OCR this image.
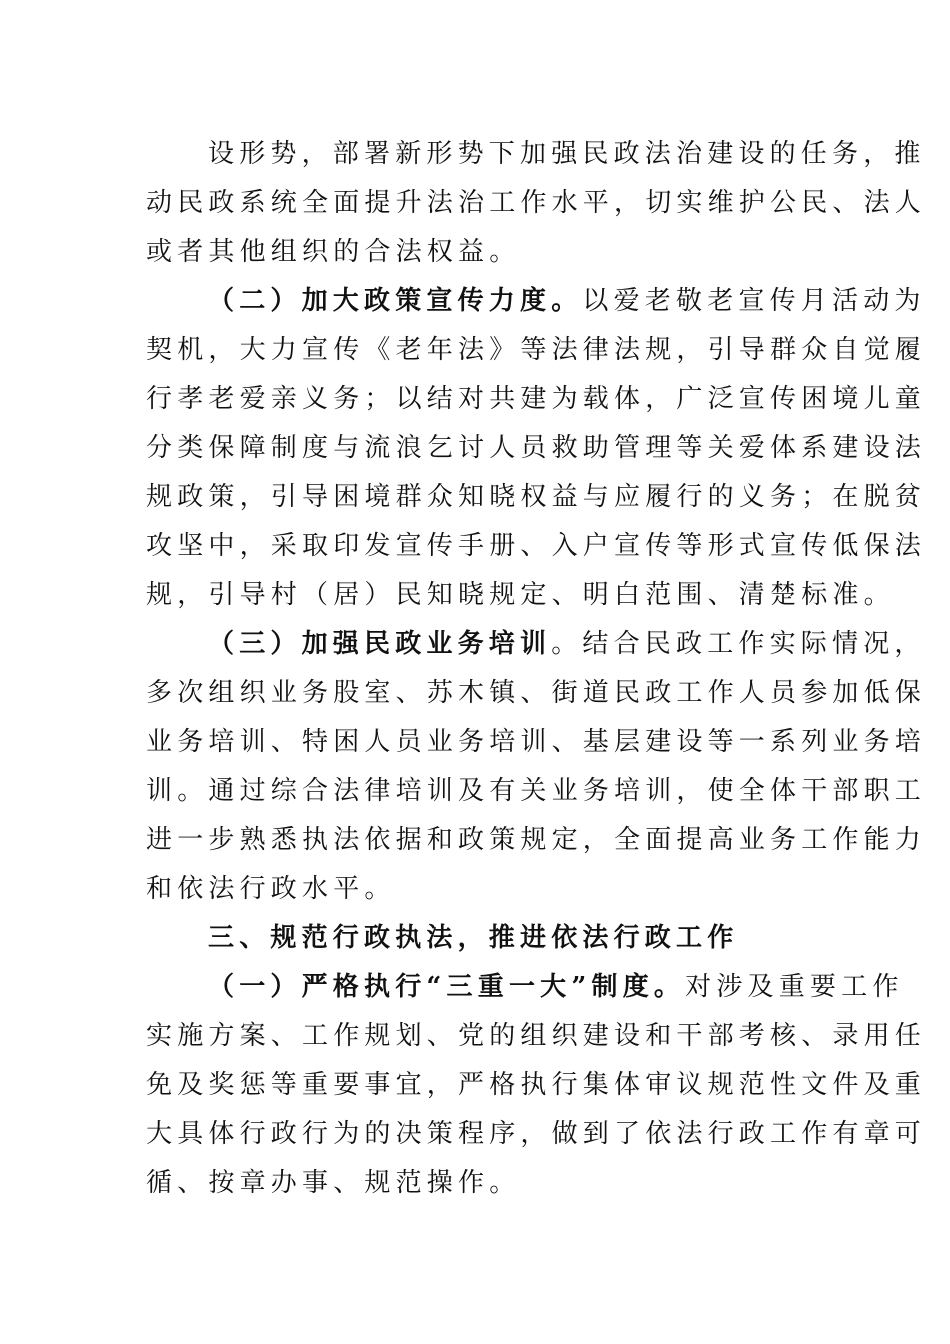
设形势，部署新形势下加强民政法治建设的任务，推
动民政系统全面提升法治工作水平，切实维护公民、法人
或者其他组织的合法权益。
（二）加大政策宣传力度。以爱老敬老宣传月活动为
契机，大力宣传《老年法》等法律法规，引导群众自觉履
行孝老爱亲义务；以结对共建为载体，广泛宣传困境儿童
分类保障制度与流浪乞讨人员救助管理等关爱体系建设法
规政策，引导困境群众知晓权益与应履行的义务；在脱贫
攻坚中，采取印发宣传手册、入户宣传等形式宣传低保法
规，引导村（居）民知晓规定、明白范围、清楚标准。
（三）加强民政业务培训。结合民政工作实际情况，
多次组织业务股室、苏木镇、街道民政工作人员参加低保
业务培训、特困人员业务培训、基层建设等一系列业务培
训。通过综合法律培训及有关业务培训，使全体干部职工
进一步熟悉执法依据和政策规定，全面提高业务工作能力
和依法行政水平。
三、规范行政执法，推进依法行政工作
（一）严格执行“三重一大”制度。对涉及重要工作
实施方案、工作规划、党的组织建设和干部考核、录用任
免及奖惩等重要事宜，严格执行集体审议规范性文件及重
大具体行政行为的决策程序，做到了依法行政工作有章可
循、按章办事、规范操作。
